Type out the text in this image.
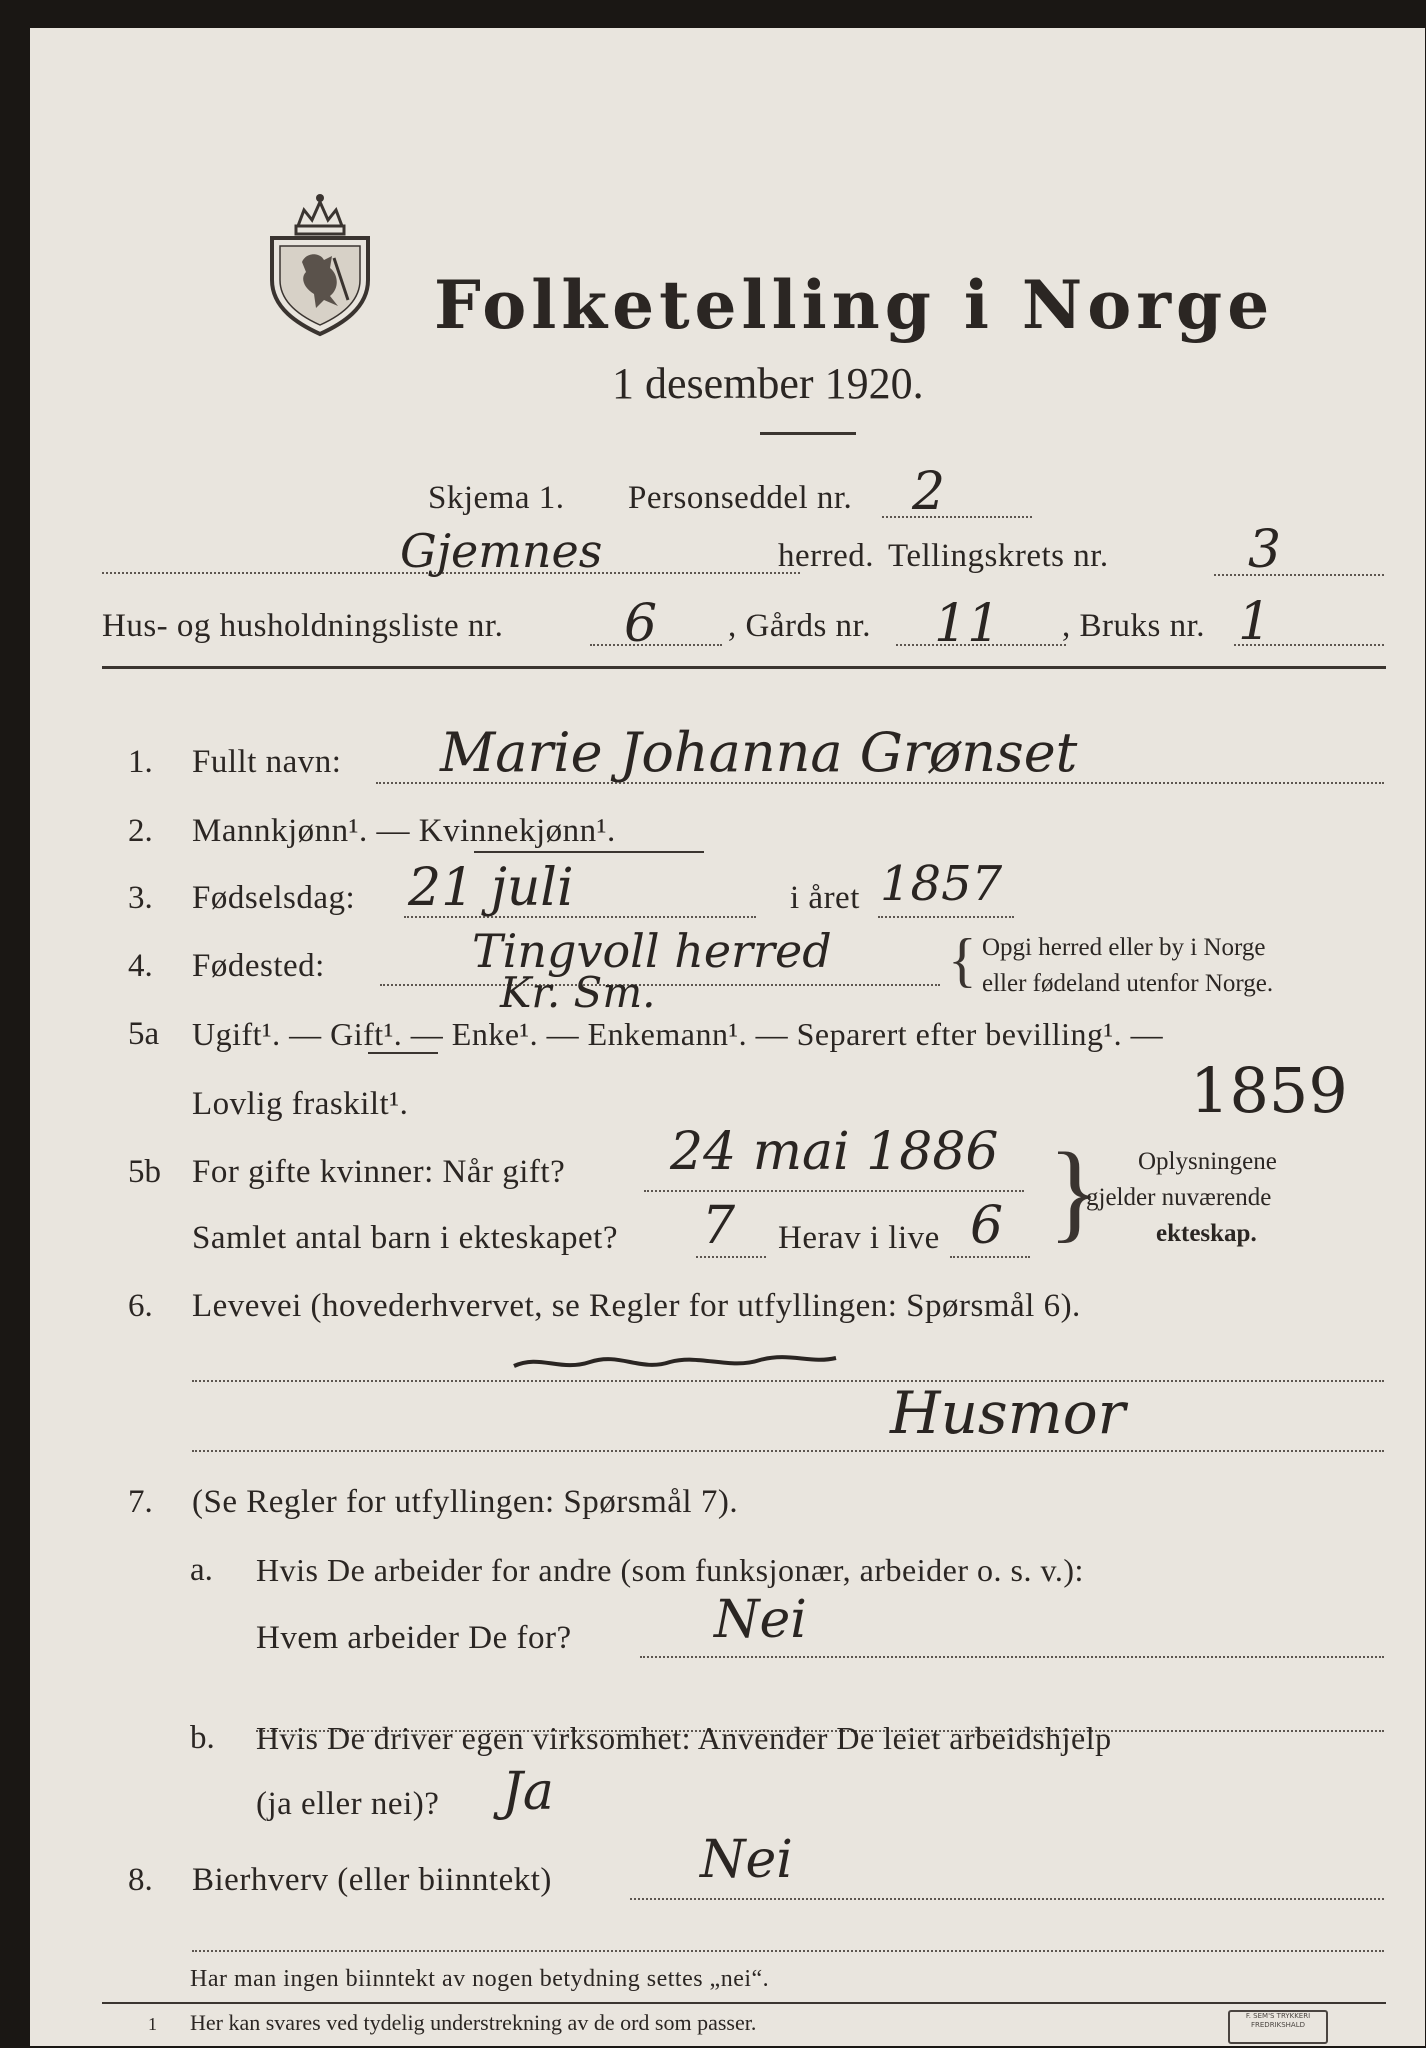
Folketelling i Norge
1 desember 1920.
Skjema 1. Personseddel nr. 2
Gjemnes	herred. Tellingskrets nr.	3
Hus- og husholdningsliste nr. 6 , Gårds nr. 11 , Bruks nr. 1
1. Fullt navn: Marie Johanna Grønset
2. Mannkjønn¹. — Kvinnekjønn¹.
3. Fødselsdag: 21 juli	i året 1857
4. Fødested:	Tingvoll herred
Kr. Sm.	{ Opgi herred eller by i Norge
eller fødeland utenfor Norge.
5a Ugift¹. — Gift¹. — Enke¹. — Enkemann¹. — Separert efter bevilling¹. —
Lovlig fraskilt¹.	1859
5b For gifte kvinner: Når gift? 24 mai 1886
Samlet antal barn i ekteskapet? 7 Herav i live 6 } Oplysningene
gjelder nuværende
ekteskap.
6. Levevei (hovederhvervet, se Regler for utfyllingen: Spørsmål 6).
Husmor
7. (Se Regler for utfyllingen: Spørsmål 7).
a. Hvis De arbeider for andre (som funksjonær, arbeider o. s. v.):
Hvem arbeider De for?	Nei
b. Hvis De driver egen virksomhet: Anvender De leiet arbeidshjelp
(ja eller nei)? Ja
8. Bierhverv (eller biinntekt)	Nei
Har man ingen biinntekt av nogen betydning settes „nei“.
1 Her kan svares ved tydelig understrekning av de ord som passer.	F. SEM'S TRYKKERI
FREDRIKSHALD
